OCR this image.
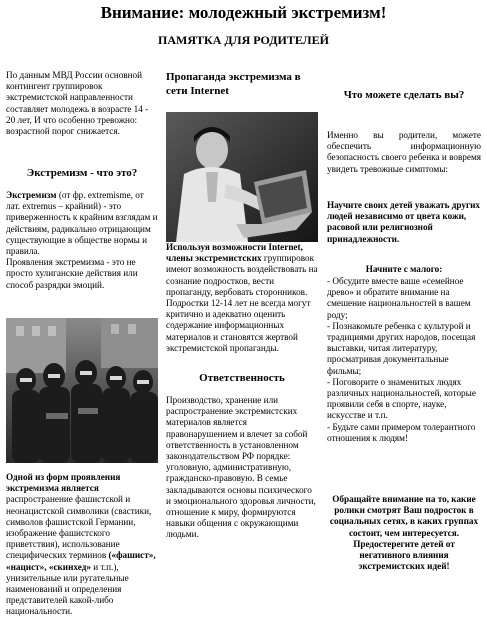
Внимание: молодежный экстремизм!
ПАМЯТКА ДЛЯ РОДИТЕЛЕЙ

По данным МВД России основной контингент группировок экстремистской направленности составляет молодежь в возрасте 14 - 20 лет, И что особенно тревожно: возрастной порог снижается.

Экстремизм - что это?

Экстремизм (от фр. extremisme, от лат. extremus – крайний) - это приверженность к крайним взглядам и действиям, радикально отрицающим существующие в обществе нормы и правила.

Проявления экстремизма - это не просто хулиганские действия или способ разрядки эмоций.

Одной из форм проявления экстремизма является распространение фашистской и неонацистской символики (свастики, символов фашистской Германии, изображение фашистского приветствия), использование специфических терминов («фашист», «нацист», «скинхед» и т.п.), унизительные или ругательные наименований и определения представителей какой-либо национальности.

Пропаганда экстремизма в сети Internet

Используя возможности Internet, члены экстремистских группировок имеют возможность воздействовать на сознание подростков, вести пропаганду, вербовать сторонников. Подростки 12-14 лет не всегда могут критично и адекватно оценить содержание информационных материалов и становятся жертвой экстремистской пропаганды.

Ответственность

Производство, хранение или распространение экстремистских материалов является правонарушением и влечет за собой ответственность в установленном законодательством РФ порядке: уголовную, административную, гражданско-правовую. В семье закладываются основы психического и эмоционального здоровья личности, отношение к миру, формируются навыки общения с окружающими людьми.

Что можете сделать вы?

Именно вы родители, можете обеспечить информационную безопасность своего ребенка и вовремя увидеть тревожные симптомы:

Научите своих детей уважать других людей независимо от цвета кожи, расовой или религиозной принадлежности.

Начните с малого:

- Обсудите вместе ваше «семейное древо» и обратите внимание на смешение национальностей в вашем роду;

- Познакомьте ребенка с культурой и традициями других народов, посещая выставки, читая литературу, просматривая документальные фильмы;

- Поговорите о знаменитых людях различных национальностей, которые проявили себя в спорте, науке, искусстве и т.п.

- Будьте сами примером толерантного отношения к людям!

Обращайте внимание на то, какие ролики смотрят Ваш подросток в социальных сетях, в каких группах состоит, чем интересуется. Предостерегите детей от негативного влияния экстремистских идей!
